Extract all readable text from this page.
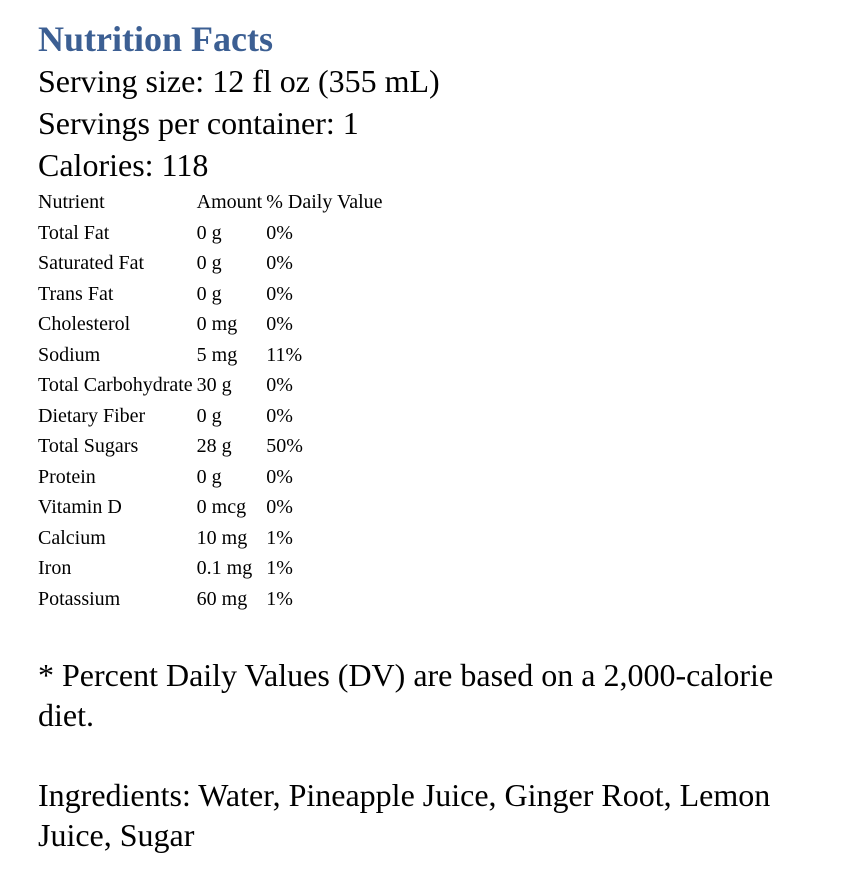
Nutrition Facts

Serving size: 12 fl oz (355 mL)

Servings per container: 1

Calories: 118

Nutrient	Amount	% Daily Value
Total Fat	0 g	0%
Saturated Fat	0 g	0%
Trans Fat	0 g	0%
Cholesterol	0 mg	0%
Sodium	5 mg	11%
Total Carbohydrate	30 g	0%
Dietary Fiber	0 g	0%
Total Sugars	28 g	50%
Protein	0 g	0%
Vitamin D	0 mcg	0%
Calcium	10 mg	1%
Iron	0.1 mg	1%
Potassium	60 mg	1%

* Percent Daily Values (DV) are based on a 2,000-calorie diet.

Ingredients: Water, Pineapple Juice, Ginger Root, Lemon Juice, Sugar
